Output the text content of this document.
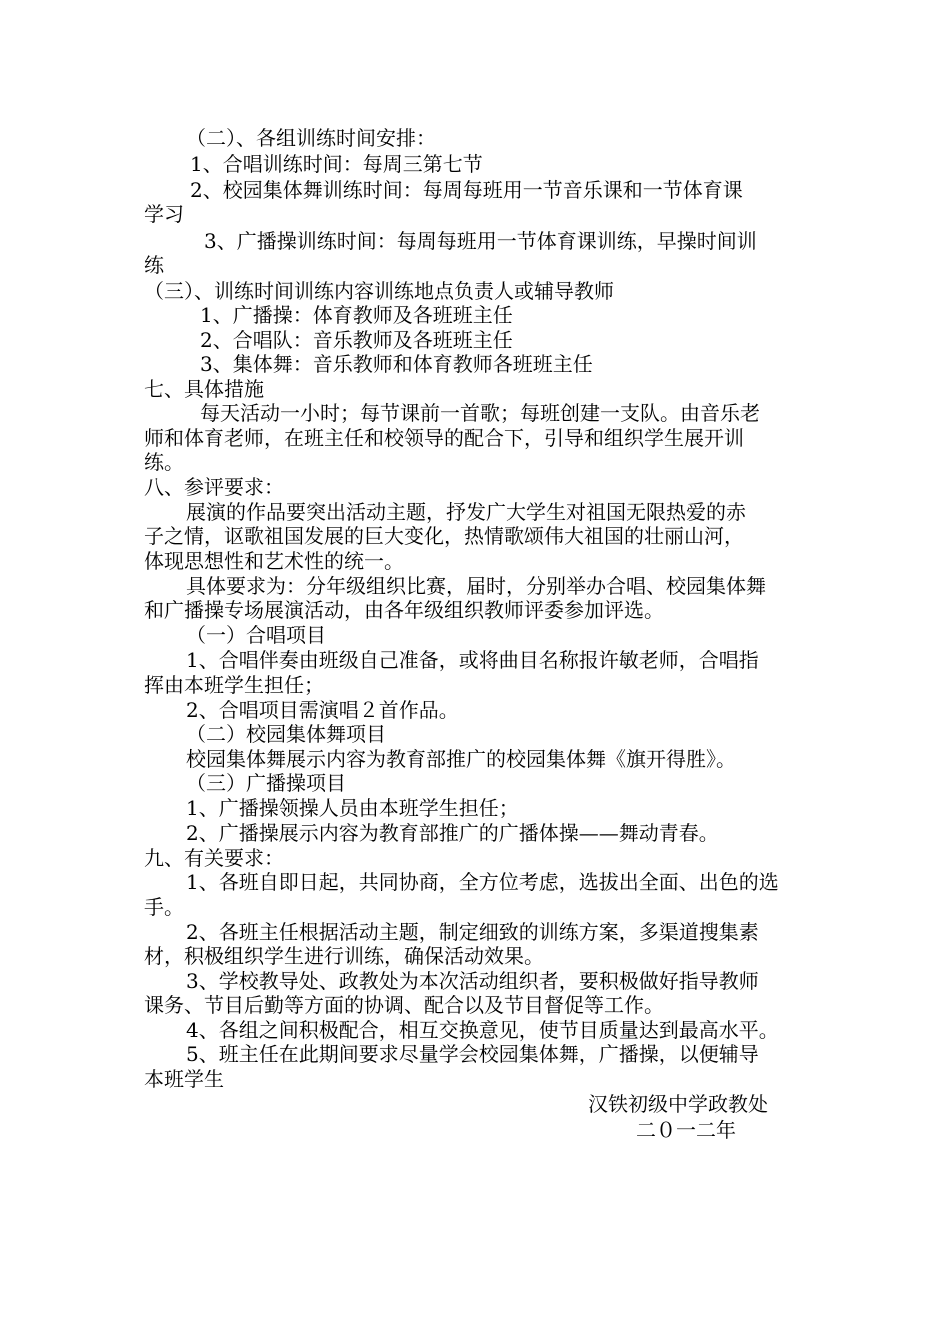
（二）、各组训练时间安排：
1、合唱训练时间：每周三第七节
2、校园集体舞训练时间：每周每班用一节音乐课和一节体育课
学习
3、广播操训练时间：每周每班用一节体育课训练，早操时间训
练
（三）、训练时间训练内容训练地点负责人或辅导教师
1、广播操：体育教师及各班班主任
2、合唱队：音乐教师及各班班主任
3、集体舞：音乐教师和体育教师各班班主任
七、具体措施
每天活动一小时；每节课前一首歌；每班创建一支队。由音乐老
师和体育老师，在班主任和校领导的配合下，引导和组织学生展开训
练。
八、参评要求：
展演的作品要突出活动主题，抒发广大学生对祖国无限热爱的赤
子之情，讴歌祖国发展的巨大变化，热情歌颂伟大祖国的壮丽山河，
体现思想性和艺术性的统一。
具体要求为：分年级组织比赛，届时，分别举办合唱、校园集体舞
和广播操专场展演活动，由各年级组织教师评委参加评选。
（一）合唱项目
1、合唱伴奏由班级自己准备，或将曲目名称报许敏老师，合唱指
挥由本班学生担任；
2、合唱项目需演唱２首作品。
（二）校园集体舞项目
校园集体舞展示内容为教育部推广的校园集体舞《旗开得胜》。
（三）广播操项目
1、广播操领操人员由本班学生担任；
2、广播操展示内容为教育部推广的广播体操——舞动青春。
九、有关要求：
1、各班自即日起，共同协商，全方位考虑，选拔出全面、出色的选
手。
2、各班主任根据活动主题，制定细致的训练方案，多渠道搜集素
材，积极组织学生进行训练，确保活动效果。
3、学校教导处、政教处为本次活动组织者，要积极做好指导教师
课务、节目后勤等方面的协调、配合以及节目督促等工作。
4、各组之间积极配合，相互交换意见，使节目质量达到最高水平。
5、班主任在此期间要求尽量学会校园集体舞，广播操，以便辅导
本班学生
汉铁初级中学政教处
二０一二年
